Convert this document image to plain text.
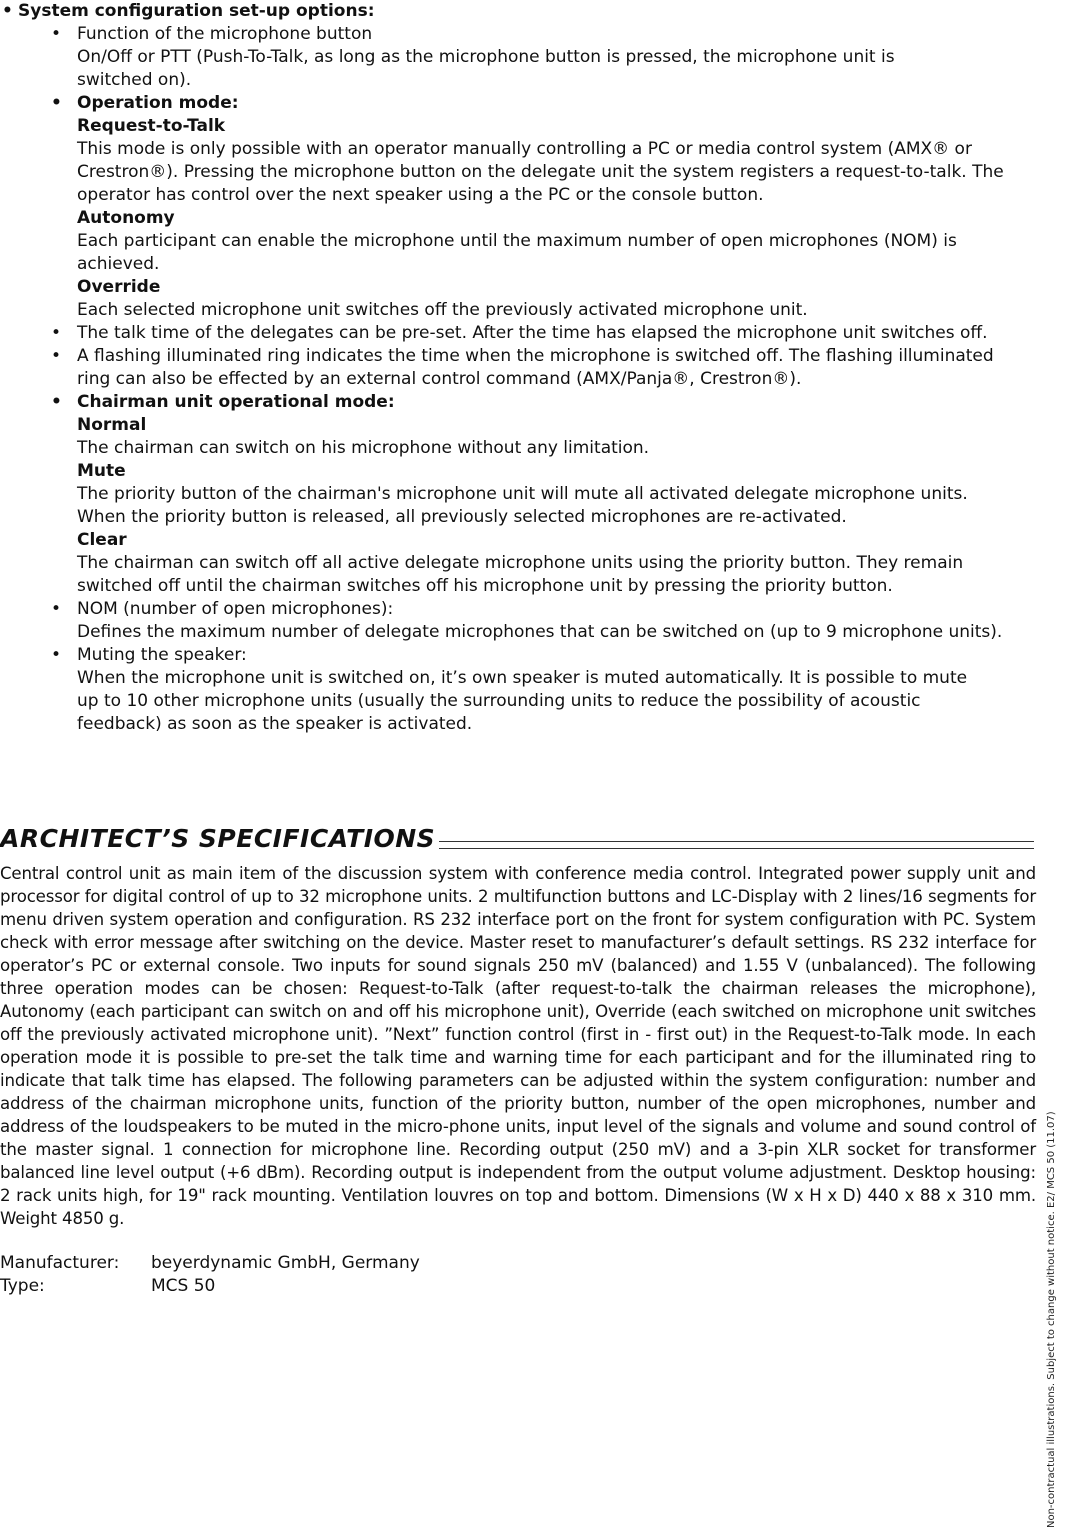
• System configuration set-up options:
• Function of the microphone button
On/Off or PTT (Push-To-Talk, as long as the microphone button is pressed, the microphone unit is
switched on).
• Operation mode:
Request-to-Talk
This mode is only possible with an operator manually controlling a PC or media control system (AMX® or
Crestron®). Pressing the microphone button on the delegate unit the system registers a request-to-talk. The
operator has control over the next speaker using a the PC or the console button.
Autonomy
Each participant can enable the microphone until the maximum number of open microphones (NOM) is
achieved.
Override
Each selected microphone unit switches off the previously activated microphone unit.
• The talk time of the delegates can be pre-set. After the time has elapsed the microphone unit switches off.
• A flashing illuminated ring indicates the time when the microphone is switched off. The flashing illuminated
ring can also be effected by an external control command (AMX/Panja®, Crestron®).
• Chairman unit operational mode:
Normal
The chairman can switch on his microphone without any limitation.
Mute
The priority button of the chairman's microphone unit will mute all activated delegate microphone units.
When the priority button is released, all previously selected microphones are re-activated.
Clear
The chairman can switch off all active delegate microphone units using the priority button. They remain
switched off until the chairman switches off his microphone unit by pressing the priority button.
• NOM (number of open microphones):
Defines the maximum number of delegate microphones that can be switched on (up to 9 microphone units).
• Muting the speaker:
When the microphone unit is switched on, it’s own speaker is muted automatically. It is possible to mute
up to 10 other microphone units (usually the surrounding units to reduce the possibility of acoustic
feedback) as soon as the speaker is activated.
ARCHITECT’S SPECIFICATIONS
Central control unit as main item of the discussion system with conference media control. Integrated power supply unit and processor for digital control of up to 32 microphone units. 2 multifunction buttons and LC-Display with 2 lines/16 segments for menu driven system operation and configuration. RS 232 interface port on the front for system configuration with PC. System check with error message after switching on the device. Master reset to manufacturer’s default settings. RS 232 interface for operator’s PC or external console. Two inputs for sound signals 250 mV (balanced) and 1.55 V (unbalanced). The following three operation modes can be chosen: Request-to-Talk (after request-to-talk the chairman releases the microphone), Autonomy (each participant can switch on and off his microphone unit), Override (each switched on microphone unit switches off the previously activated microphone unit). ”Next” function control (first in - first out) in the Request-to-Talk mode. In each operation mode it is possible to pre-set the talk time and warning time for each participant and for the illuminated ring to indicate that talk time has elapsed. The following parameters can be adjusted within the system configuration: number and address of the chairman microphone units, function of the priority button, number of the open microphones, number and address of the loudspeakers to be muted in the micro-phone units, input level of the signals and volume and sound control of the master signal. 1 connection for microphone line. Recording output (250 mV) and a 3-pin XLR socket for transformer balanced line level output (+6 dBm). Recording output is independent from the output volume adjustment. Desktop housing: 2 rack units high, for 19" rack mounting. Ventilation louvres on top and bottom. Dimensions (W x H x D) 440 x 88 x 310 mm. Weight 4850 g.
Manufacturer:	beyerdynamic GmbH, Germany
Type:	MCS 50	Non-contractual illustrations. Subject to change without notice. E2/ MCS 50 (11.07)
